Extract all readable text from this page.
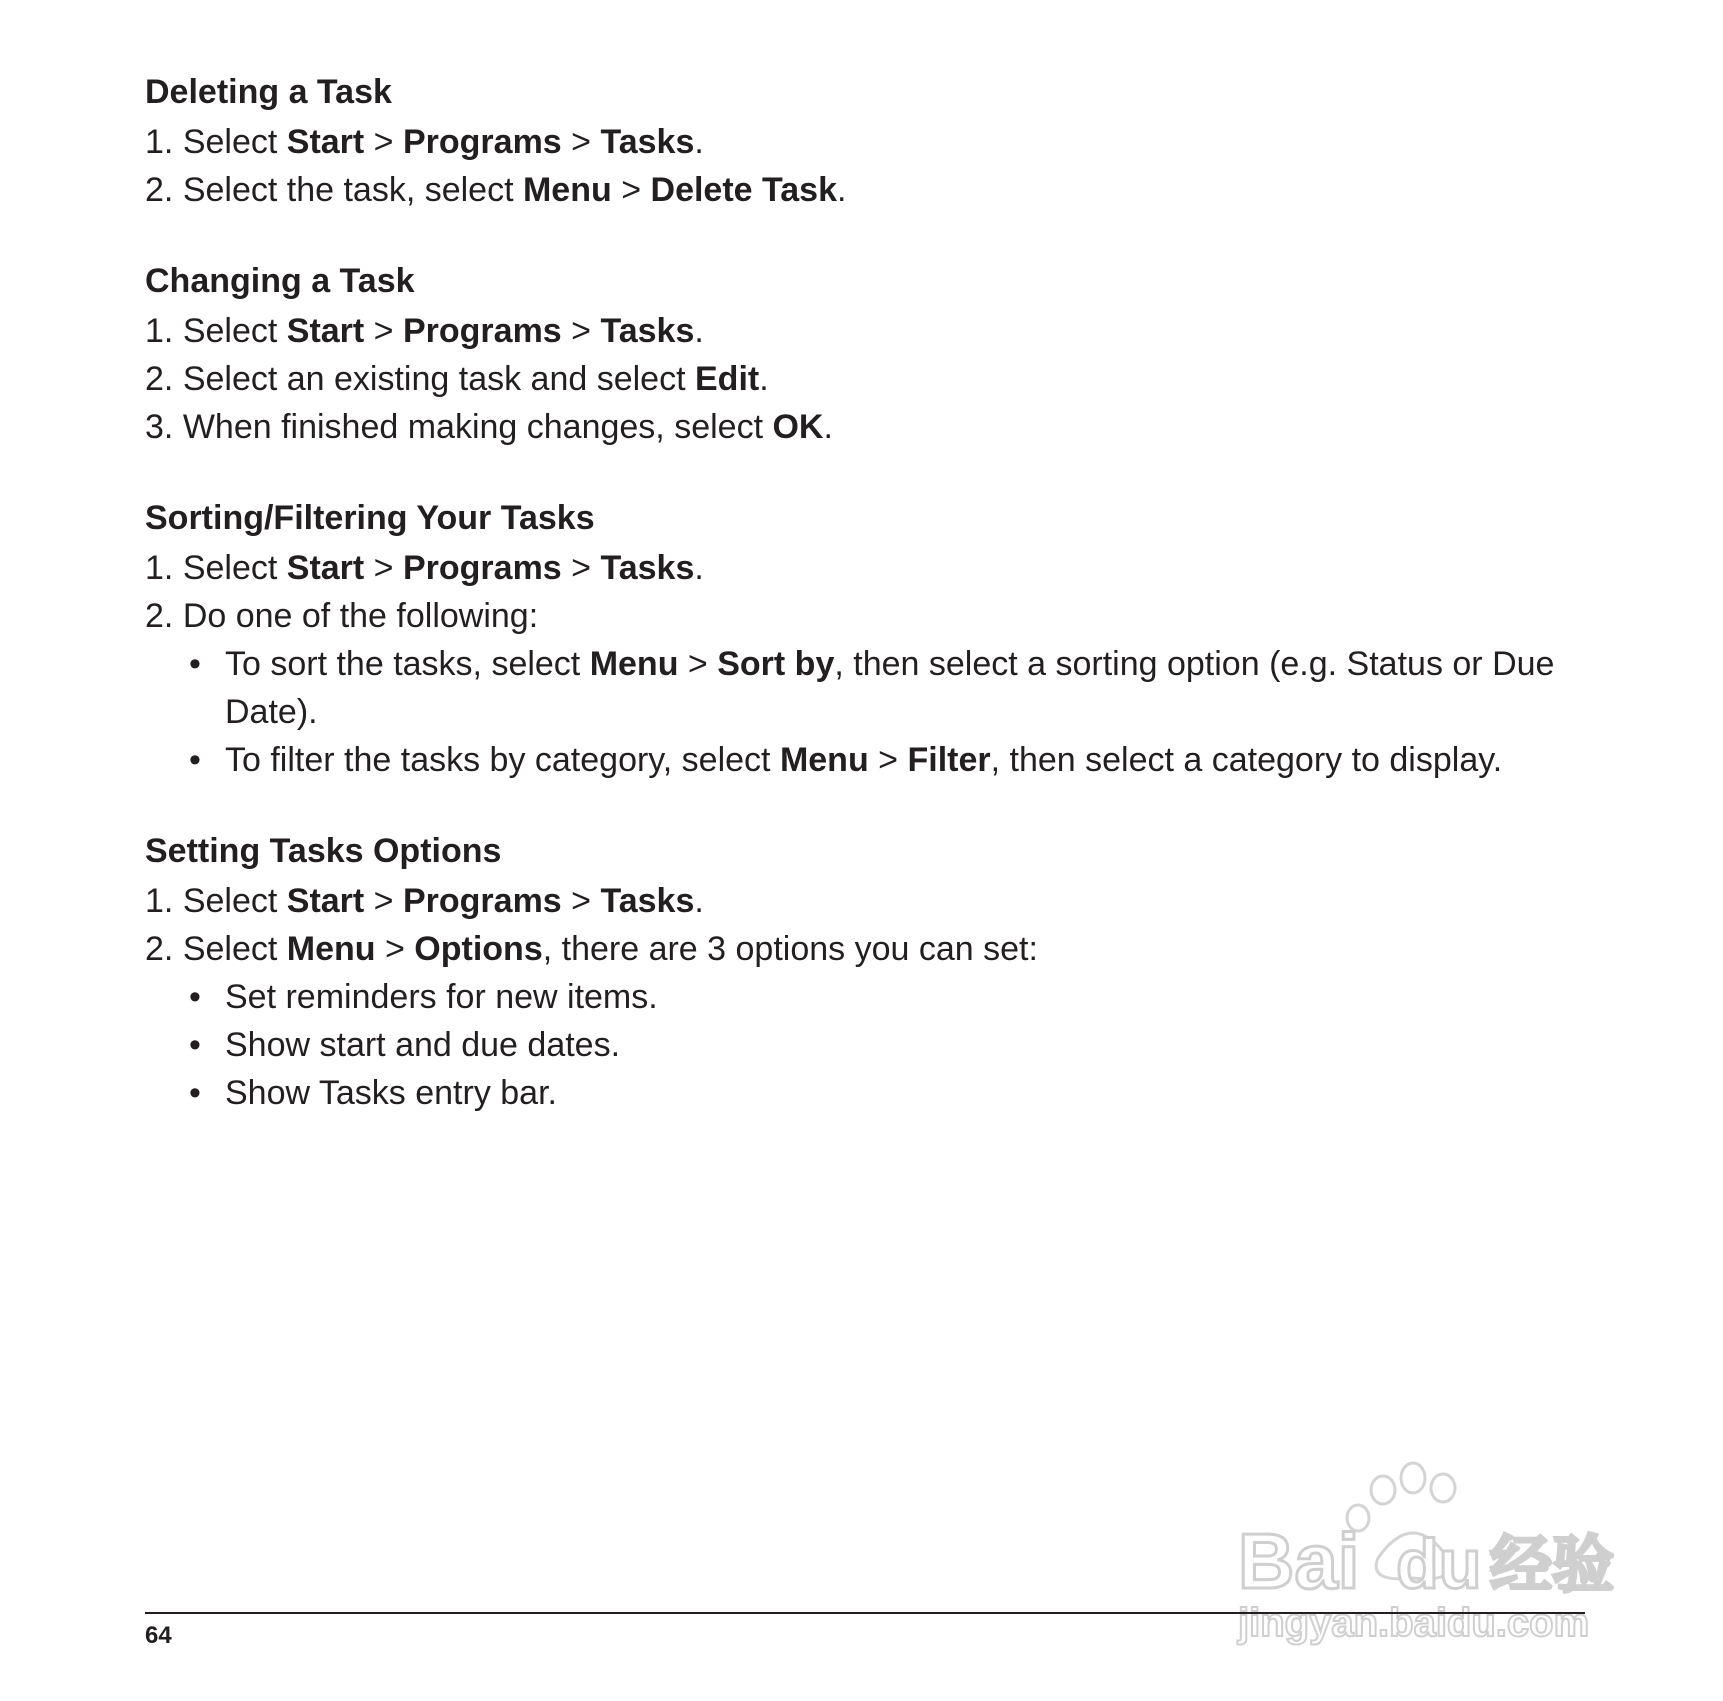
Deleting a Task
1. Select Start > Programs > Tasks.
2. Select the task, select Menu > Delete Task.
Changing a Task
1. Select Start > Programs > Tasks.
2. Select an existing task and select Edit.
3. When finished making changes, select OK.
Sorting/Filtering Your Tasks
1. Select Start > Programs > Tasks.
2. Do one of the following:
• To sort the tasks, select Menu > Sort by, then select a sorting option (e.g. Status or Due Date).
• To filter the tasks by category, select Menu > Filter, then select a category to display.
Setting Tasks Options
1. Select Start > Programs > Tasks.
2. Select Menu > Options, there are 3 options you can set:
• Set reminders for new items.
• Show start and due dates.
• Show Tasks entry bar.
Bai du 经验
jingyan.baidu.com
64
